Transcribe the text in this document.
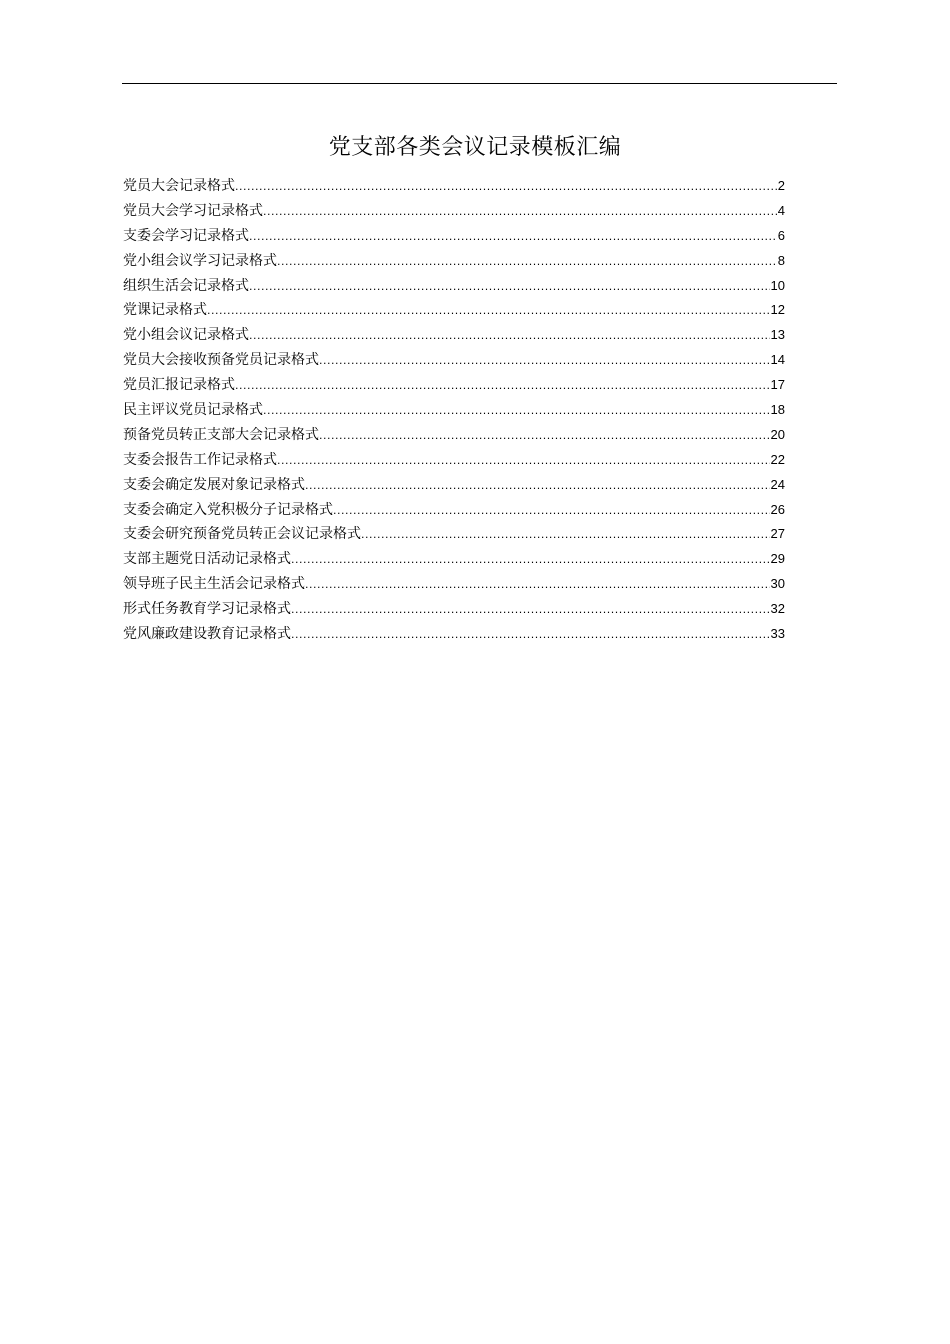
党支部各类会议记录模板汇编
党员大会记录格式 .....	2
党员大会学习记录格式 .....	4
支委会学习记录格式 .....	6
党小组会议学习记录格式 .....	8
组织生活会记录格式 .....	10
党课记录格式 .....	12
党小组会议记录格式 .....	13
党员大会接收预备党员记录格式 .....	14
党员汇报记录格式 .....	17
民主评议党员记录格式 .....	18
预备党员转正支部大会记录格式 .....	20
支委会报告工作记录格式 .....	22
支委会确定发展对象记录格式 .....	24
支委会确定入党积极分子记录格式 .....	26
支委会研究预备党员转正会议记录格式 .....	27
支部主题党日活动记录格式 .....	29
领导班子民主生活会记录格式 .....	30
形式任务教育学习记录格式 .....	32
党风廉政建设教育记录格式 .....	33
